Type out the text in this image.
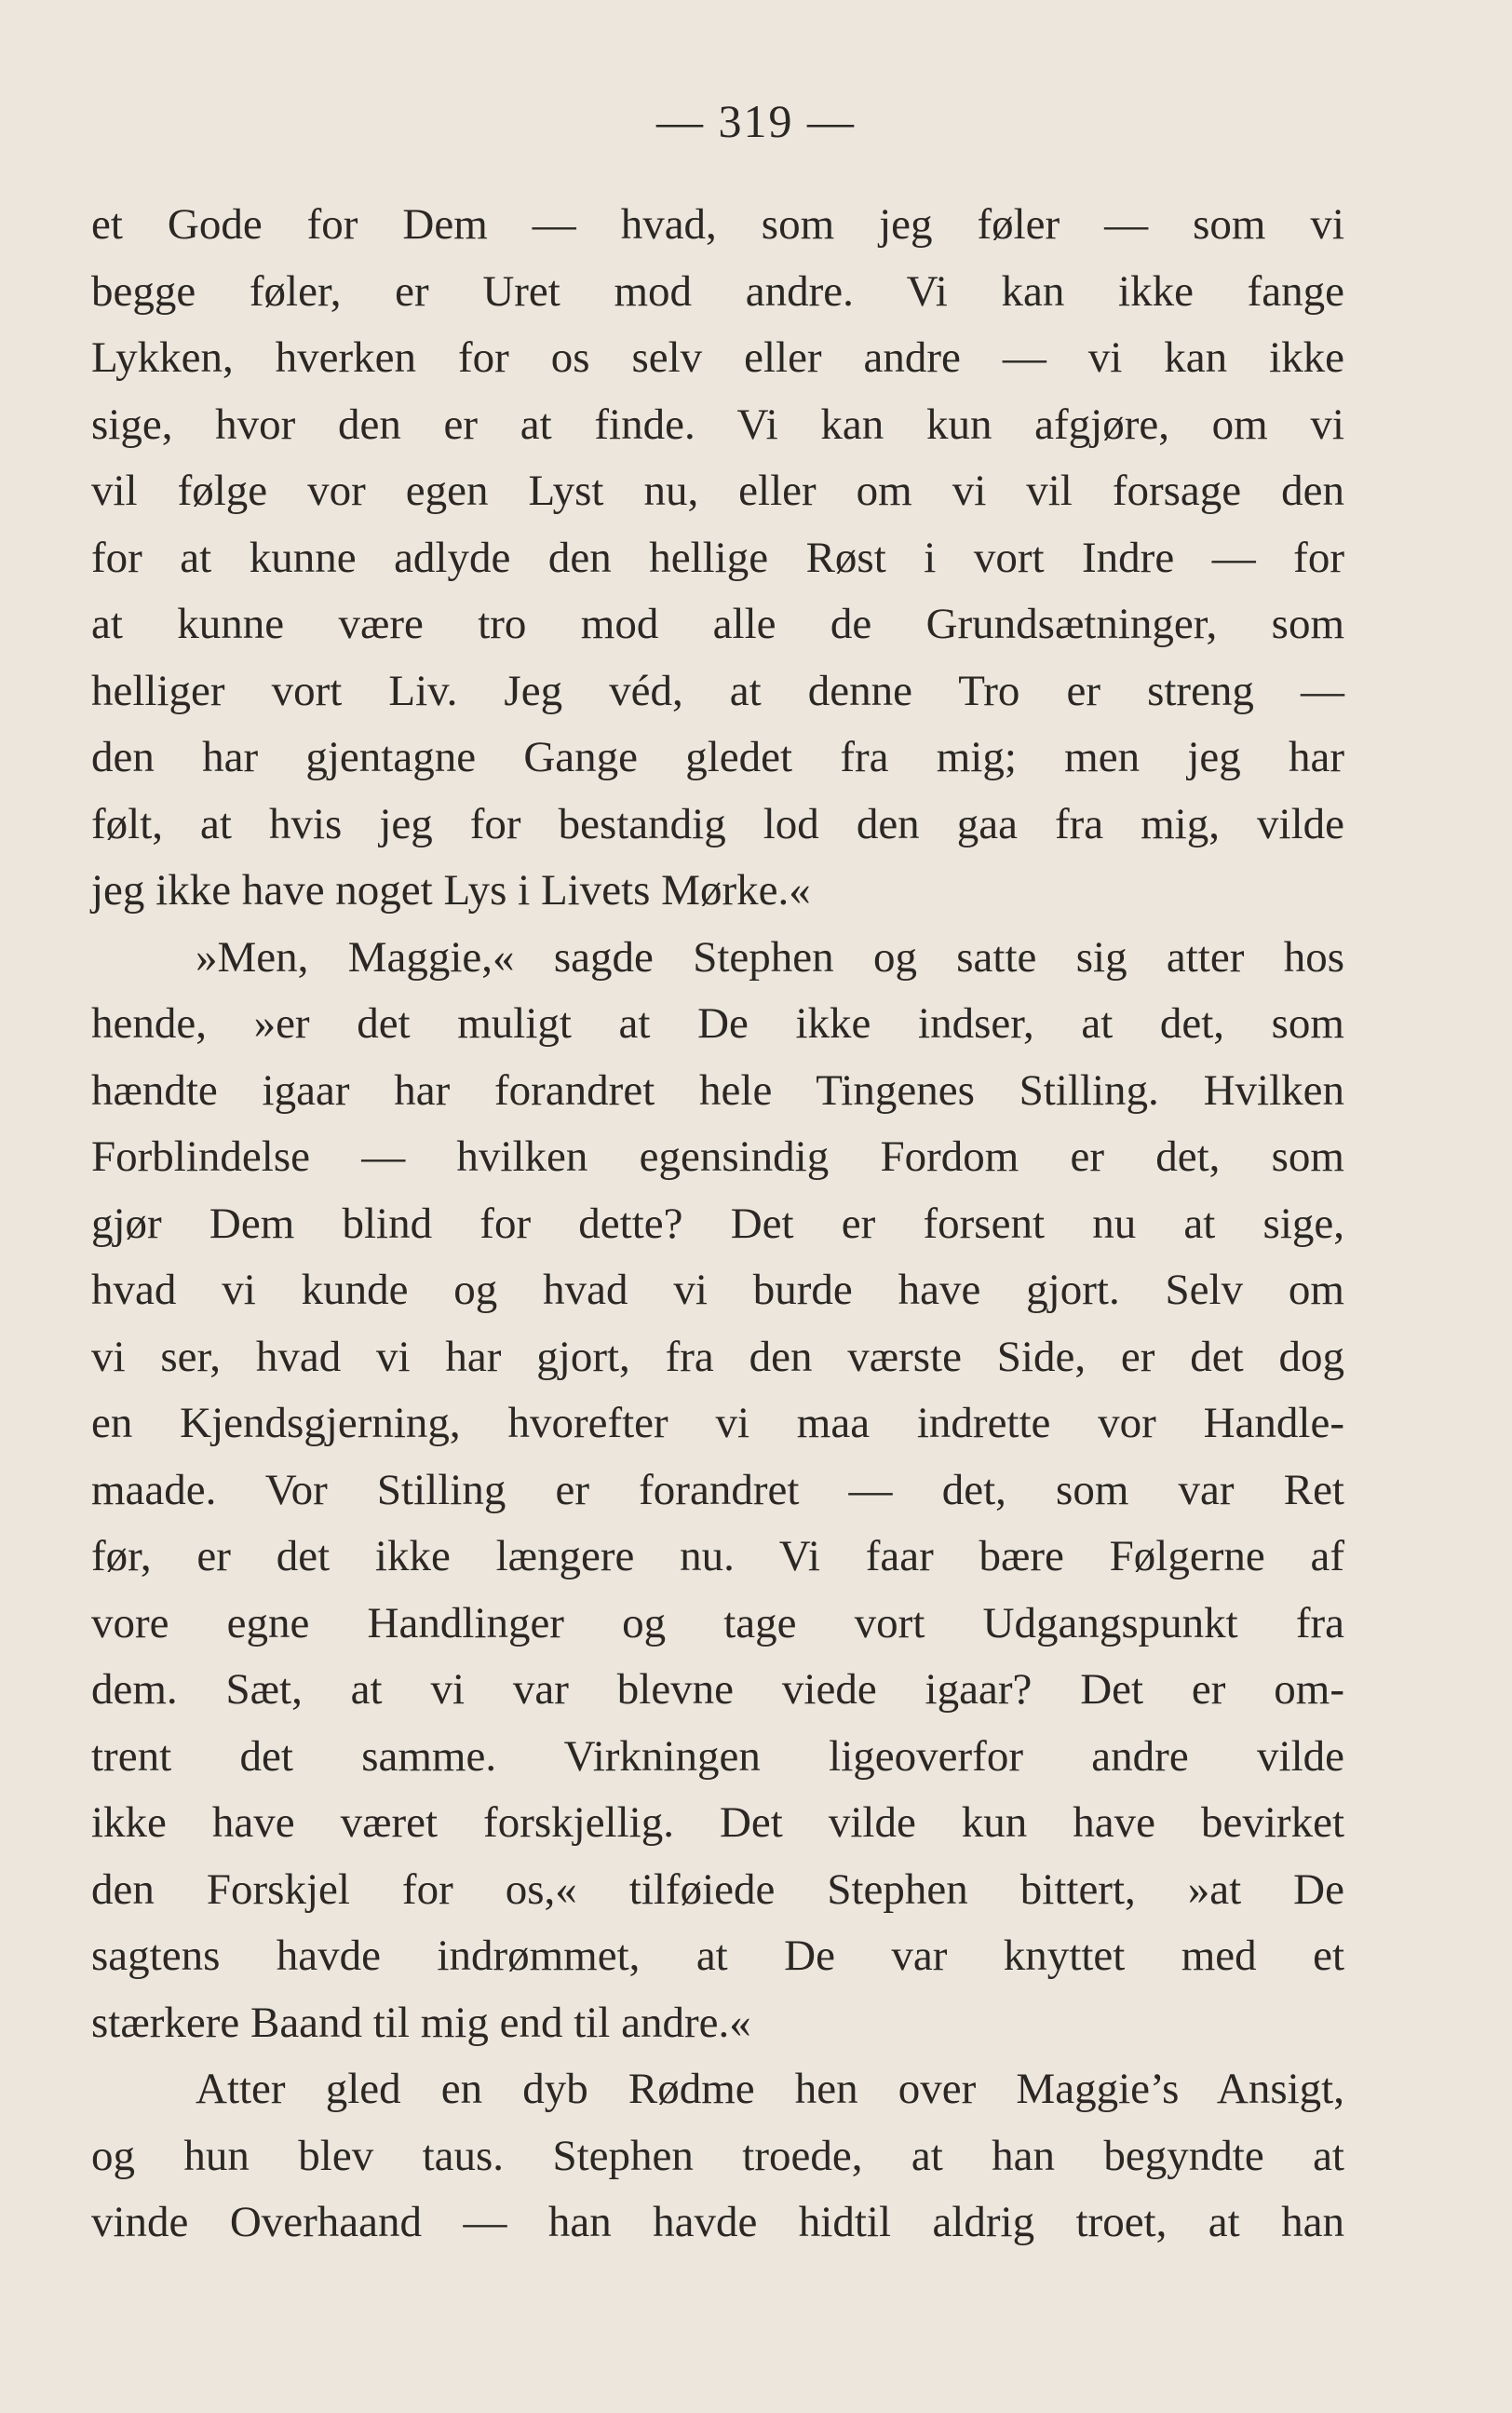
— 319 —
et Gode for Dem — hvad, som jeg føler — som vi
begge føler, er Uret mod andre. Vi kan ikke fange
Lykken, hverken for os selv eller andre — vi kan ikke
sige, hvor den er at finde. Vi kan kun afgjøre, om vi
vil følge vor egen Lyst nu, eller om vi vil forsage den
for at kunne adlyde den hellige Røst i vort Indre — for
at kunne være tro mod alle de Grundsætninger, som
helliger vort Liv. Jeg véd, at denne Tro er streng —
den har gjentagne Gange gledet fra mig; men jeg har
følt, at hvis jeg for bestandig lod den gaa fra mig, vilde
jeg ikke have noget Lys i Livets Mørke.«
»Men, Maggie,« sagde Stephen og satte sig atter hos
hende, »er det muligt at De ikke indser, at det, som
hændte igaar har forandret hele Tingenes Stilling. Hvilken
Forblindelse — hvilken egensindig Fordom er det, som
gjør Dem blind for dette? Det er forsent nu at sige,
hvad vi kunde og hvad vi burde have gjort. Selv om
vi ser, hvad vi har gjort, fra den værste Side, er det dog
en Kjendsgjerning, hvorefter vi maa indrette vor Handle-
maade. Vor Stilling er forandret — det, som var Ret
før, er det ikke længere nu. Vi faar bære Følgerne af
vore egne Handlinger og tage vort Udgangspunkt fra
dem. Sæt, at vi var blevne viede igaar? Det er om-
trent det samme. Virkningen ligeoverfor andre vilde
ikke have været forskjellig. Det vilde kun have bevirket
den Forskjel for os,« tilføiede Stephen bittert, »at De
sagtens havde indrømmet, at De var knyttet med et
stærkere Baand til mig end til andre.«
Atter gled en dyb Rødme hen over Maggie’s Ansigt,
og hun blev taus. Stephen troede, at han begyndte at
vinde Overhaand — han havde hidtil aldrig troet, at han
